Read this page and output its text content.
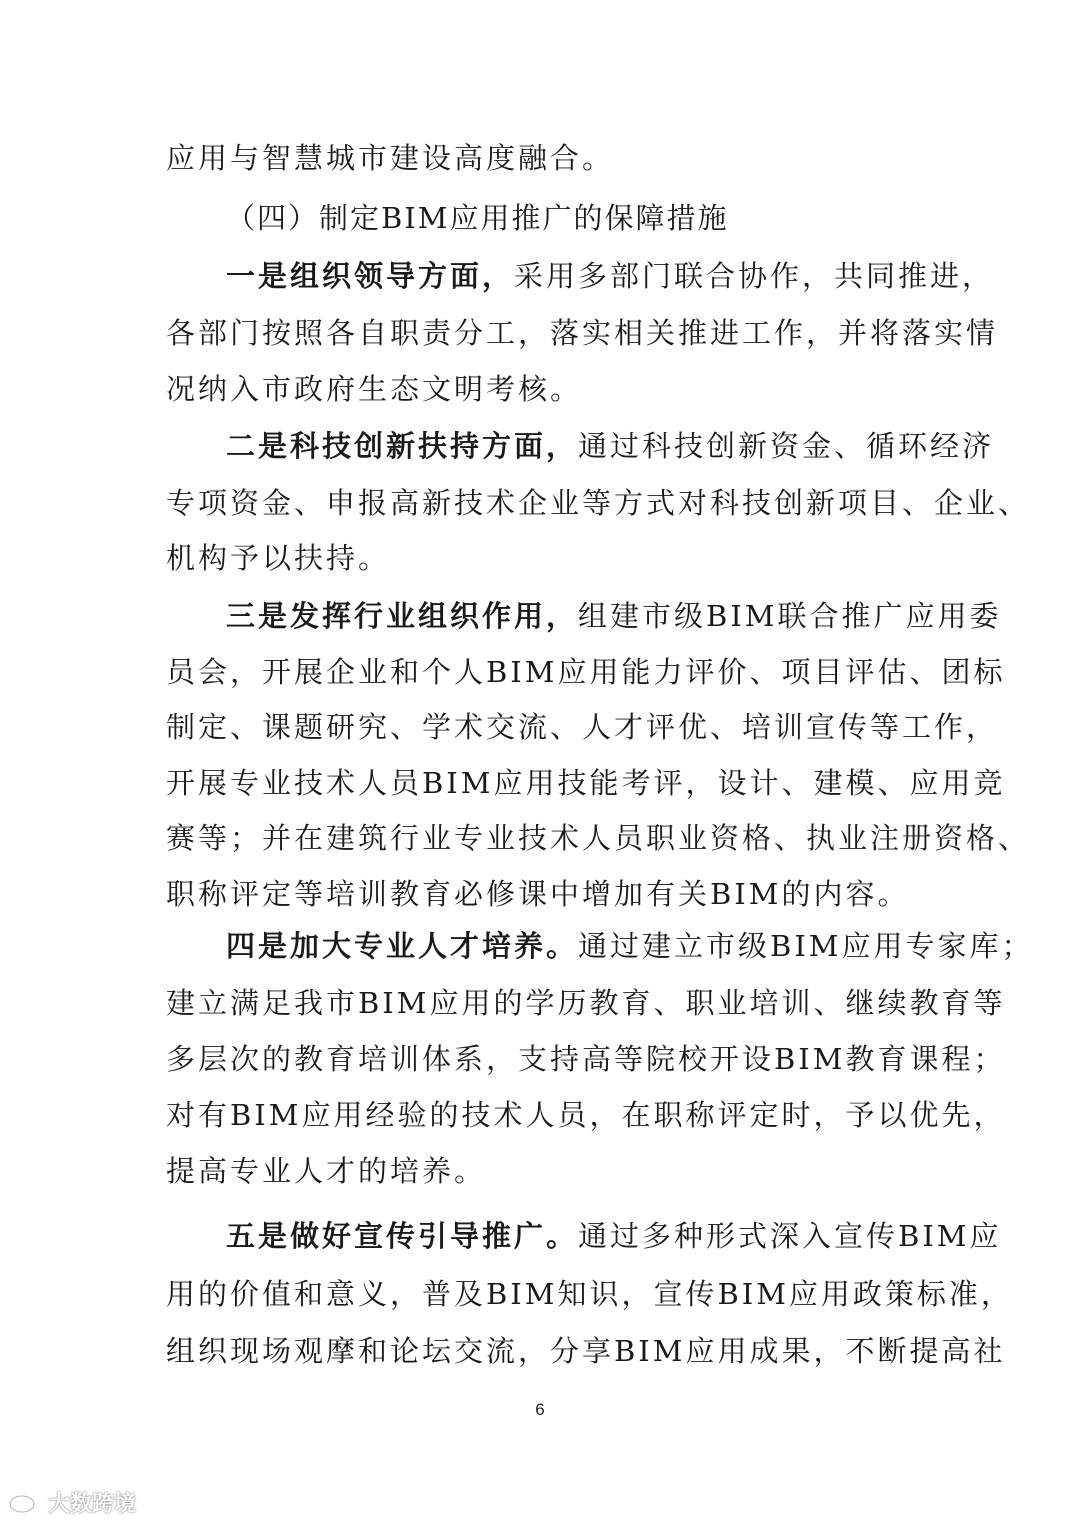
应用与智慧城市建设高度融合。
（四）制定BIM应用推广的保障措施
一是组织领导方面，采用多部门联合协作，共同推进，
各部门按照各自职责分工，落实相关推进工作，并将落实情
况纳入市政府生态文明考核。
二是科技创新扶持方面，通过科技创新资金、循环经济
专项资金、申报高新技术企业等方式对科技创新项目、企业、
机构予以扶持。
三是发挥行业组织作用，组建市级BIM联合推广应用委
员会，开展企业和个人BIM应用能力评价、项目评估、团标
制定、课题研究、学术交流、人才评优、培训宣传等工作，
开展专业技术人员BIM应用技能考评，设计、建模、应用竞
赛等；并在建筑行业专业技术人员职业资格、执业注册资格、
职称评定等培训教育必修课中增加有关BIM的内容。
四是加大专业人才培养。通过建立市级BIM应用专家库；
建立满足我市BIM应用的学历教育、职业培训、继续教育等
多层次的教育培训体系，支持高等院校开设BIM教育课程；
对有BIM应用经验的技术人员，在职称评定时，予以优先，
提高专业人才的培养。
五是做好宣传引导推广。通过多种形式深入宣传BIM应
用的价值和意义，普及BIM知识，宣传BIM应用政策标准，
组织现场观摩和论坛交流，分享BIM应用成果，不断提高社
6
大数跨境
